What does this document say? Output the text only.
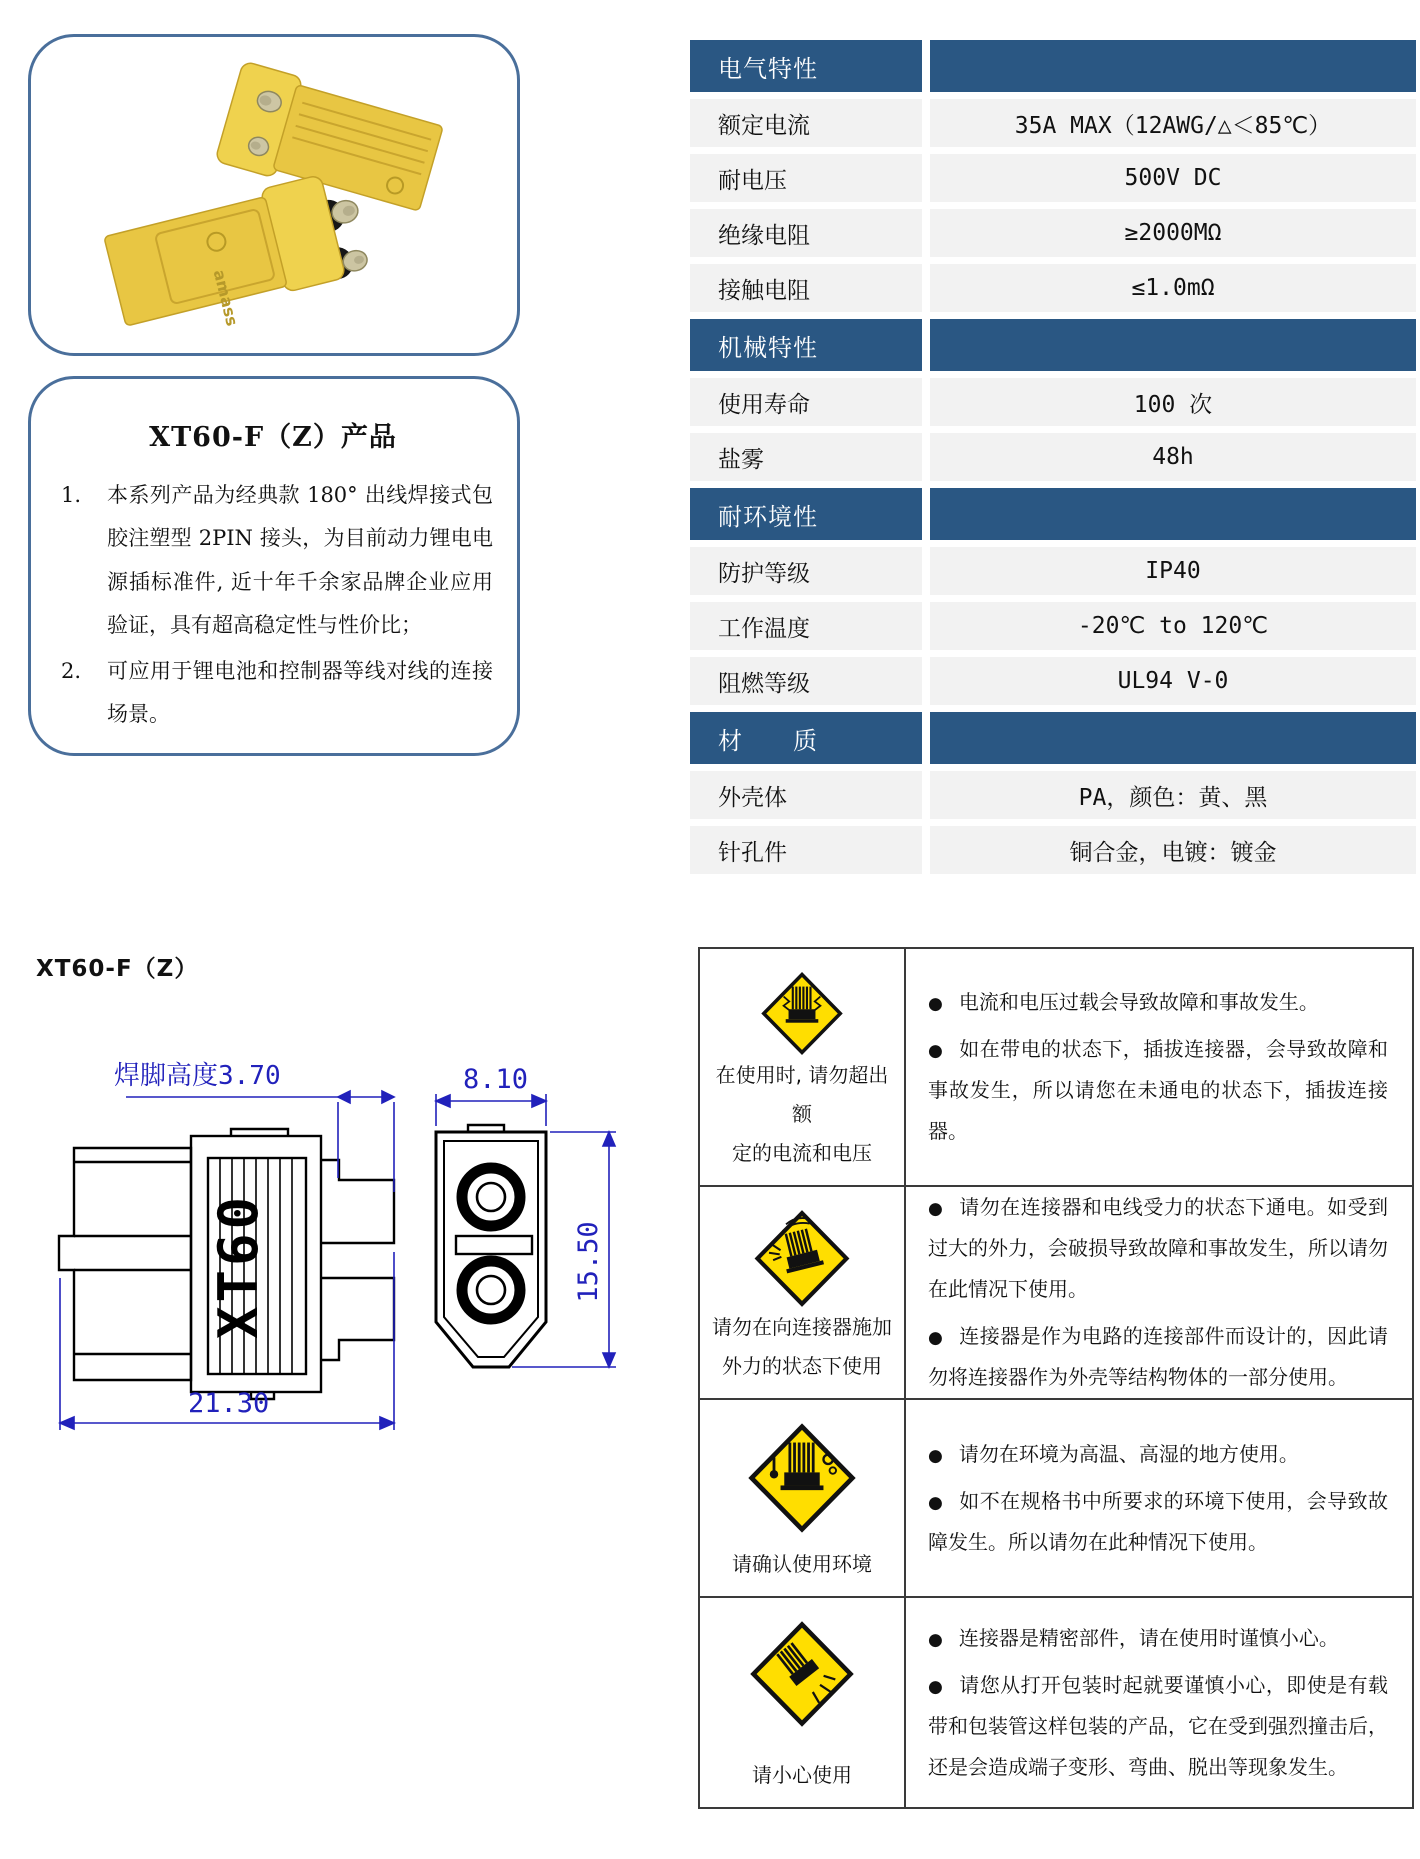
amass
XT60-F（Z）产品
1.	本系列产品为经典款 180° 出线焊接式包胶注塑型 2PIN 接头，为目前动力锂电电源插标准件, 近十年千余家品牌企业应用验证，具有超高稳定性与性价比；
2.	可应用于锂电池和控制器等线对线的连接场景。
电气特性
额定电流	35A MAX（12AWG/△＜85℃）
耐电压	500V DC
绝缘电阻	≥2000MΩ
接触电阻	≤1.0mΩ
机械特性
使用寿命	100 次
盐雾	48h
耐环境性
防护等级	IP40
工作温度	-20℃ to 120℃
阻燃等级	UL94 V-0
材　　质
外壳体	PA，颜色：黄、黑
针孔件	铜合金，电镀：镀金
XT60-F（Z）
XT60
焊脚高度3.70
21.30
8.10
15.50
在使用时, 请勿超出额
定的电流和电压

● 电流和电压过载会导致故障和事故发生。

● 如在带电的状态下，插拔连接器，会导致故障和事故发生，所以请您在未通电的状态下，插拔连接器。

请勿在向连接器施加
外力的状态下使用

● 请勿在连接器和电线受力的状态下通电。如受到过大的外力，会破损导致故障和事故发生，所以请勿在此情况下使用。

● 连接器是作为电路的连接部件而设计的，因此请勿将连接器作为外壳等结构物体的一部分使用。

请确认使用环境

● 请勿在环境为高温、高湿的地方使用。

● 如不在规格书中所要求的环境下使用，会导致故障发生。所以请勿在此种情况下使用。

请小心使用

● 连接器是精密部件，请在使用时谨慎小心。

● 请您从打开包装时起就要谨慎小心，即使是有载带和包装管这样包装的产品，它在受到强烈撞击后，还是会造成端子变形、弯曲、脱出等现象发生。
